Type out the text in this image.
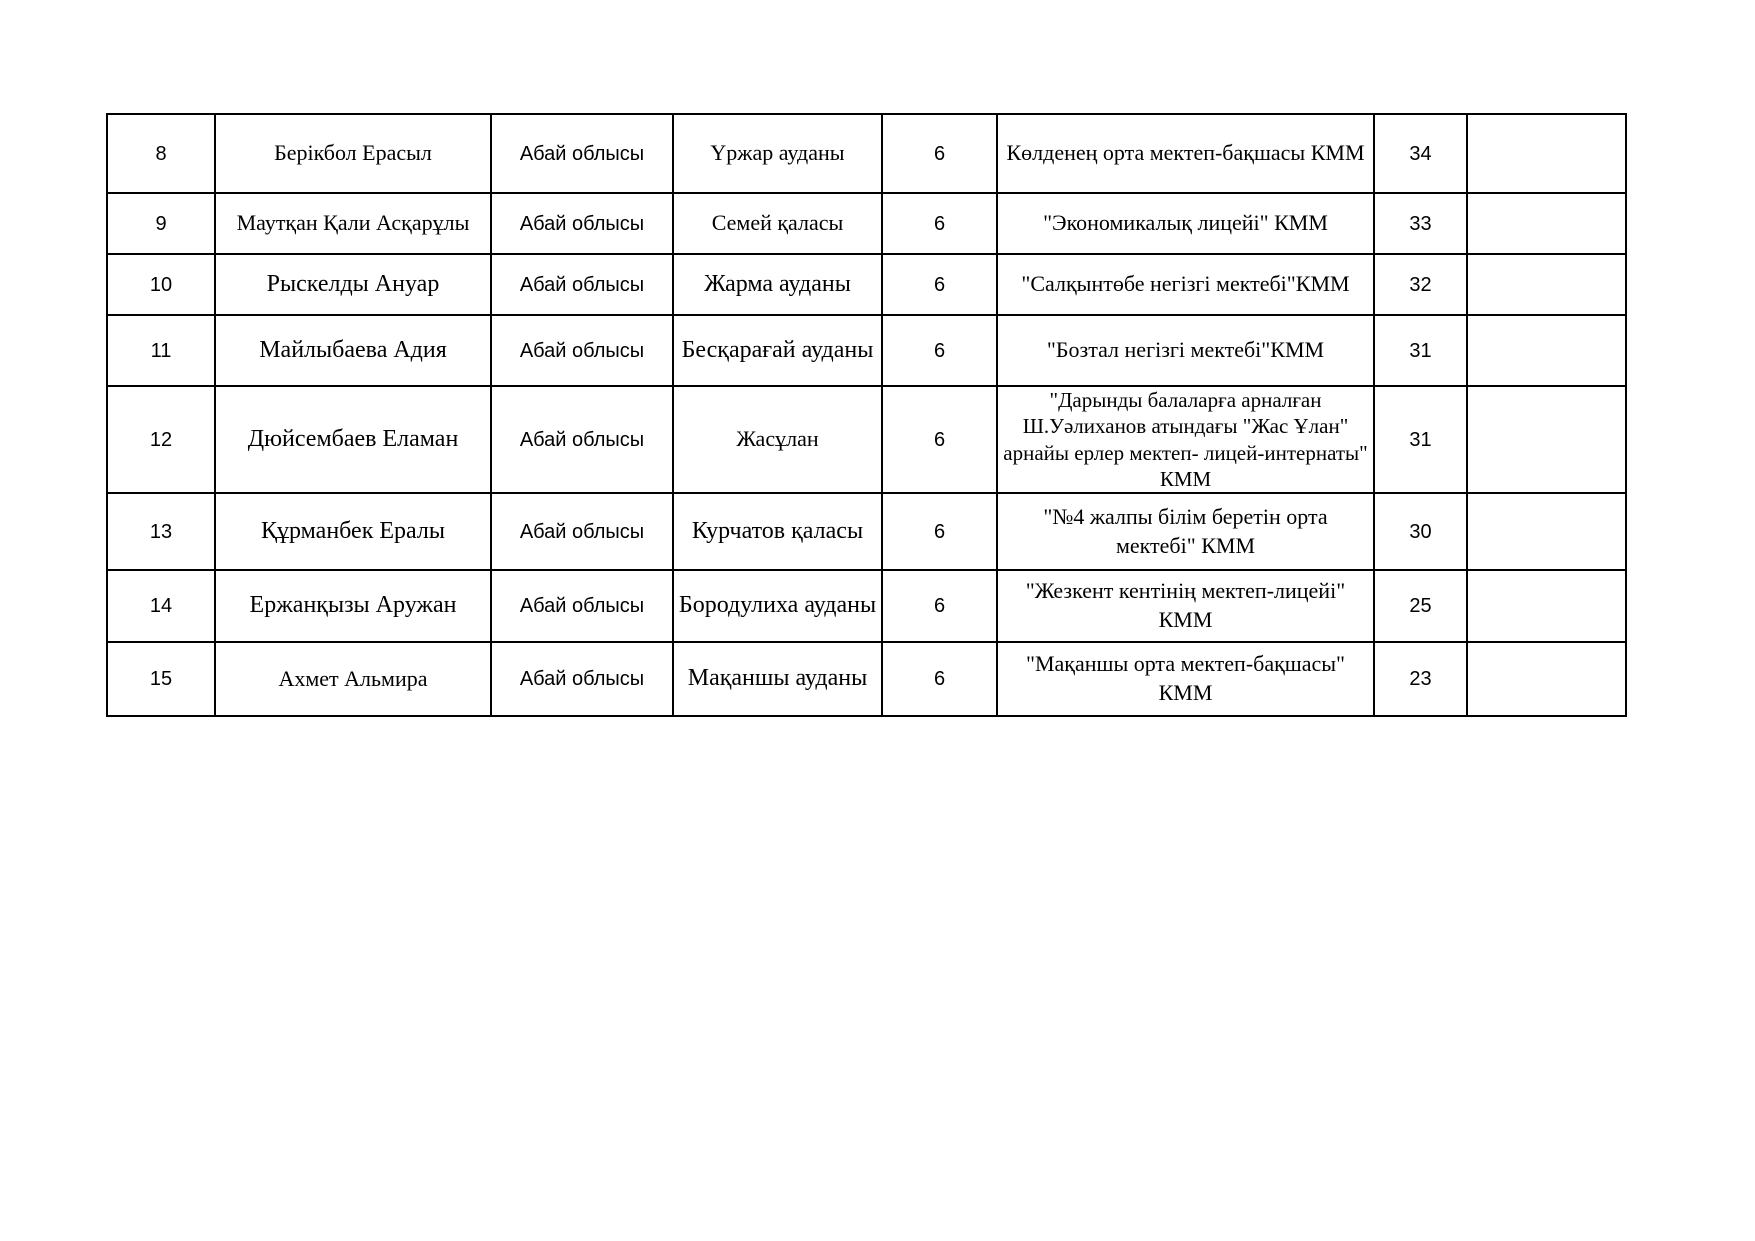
8	Берікбол Ерасыл	Абай облысы	Үржар ауданы	6	Көлденең орта мектеп-бақшасы КММ	34	
9	Маутқан Қали Асқарұлы	Абай облысы	Семей қаласы	6	"Экономикалық лицейі" КММ	33	
10	Рыскелды Ануар	Абай облысы	Жарма ауданы	6	"Салқынтөбе негізгі мектебі"КММ	32	
11	Майлыбаева Адия	Абай облысы	Бесқарағай ауданы	6	"Бозтал негізгі мектебі"КММ	31	
12	Дюйсембаев Еламан	Абай облысы	Жасұлан	6	"Дарынды балаларға арналған Ш.Уәлиханов атындағы "Жас Ұлан" арнайы ерлер мектеп- лицей-интернаты" КММ	31	
13	Құрманбек Ералы	Абай облысы	Курчатов қаласы	6	"№4 жалпы білім беретін орта мектебі" КММ	30	
14	Ержанқызы Аружан	Абай облысы	Бородулиха ауданы	6	"Жезкент кентінің мектеп-лицейі" КММ	25	
15	Ахмет Альмира	Абай облысы	Мақаншы ауданы	6	"Мақаншы орта мектеп-бақшасы" КММ	23	
